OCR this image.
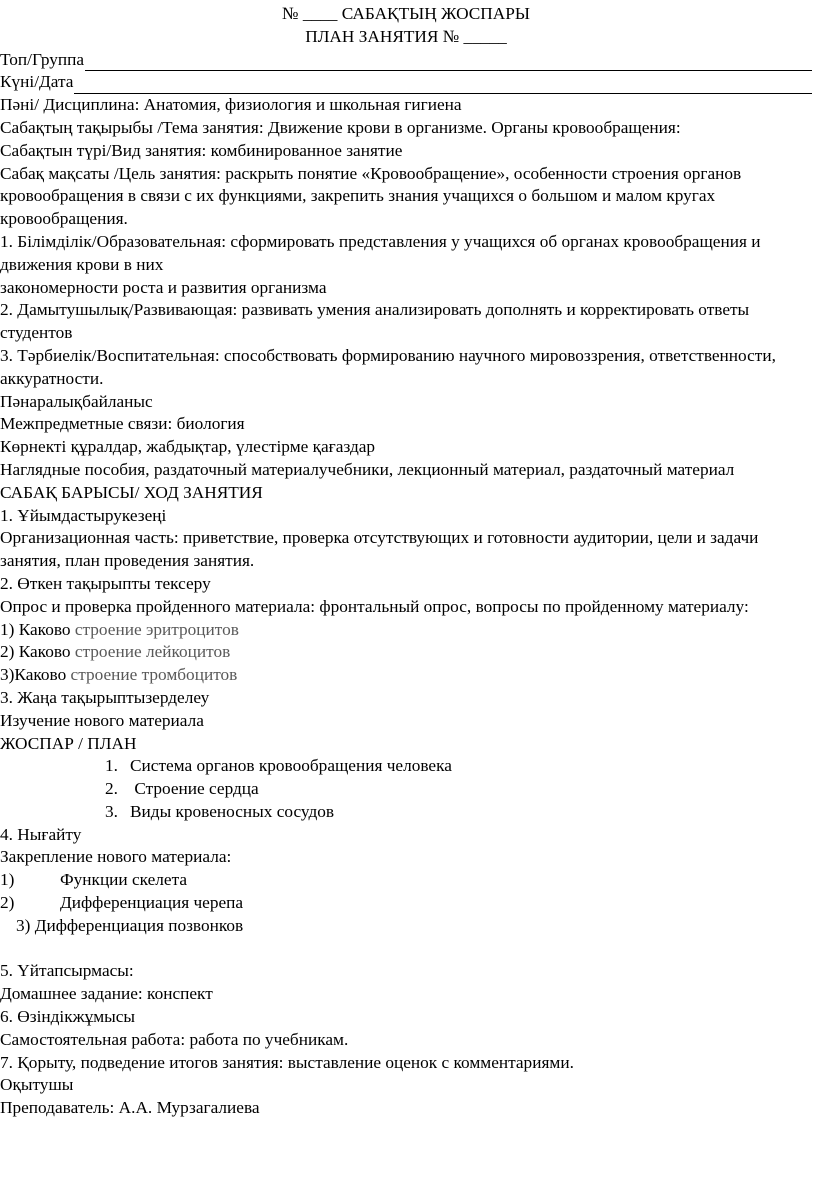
№ ____ САБАҚТЫҢ ЖОСПАРЫ
ПЛАН ЗАНЯТИЯ № _____
Топ/Группа
Күні/Дата
Пәні/ Дисциплина: Анатомия, физиология и школьная гигиена
Сабақтың тақырыбы /Тема занятия: Движение крови в организме. Органы кровообращения:
Сабақтын түрі/Вид занятия: комбинированное занятие
Сабақ мақсаты /Цель занятия: раскрыть понятие «Кровообращение», особенности строения органов кровообращения в связи с их функциями, закрепить знания учащихся о большом и малом кругах кровообращения.
1. Білімділік/Образовательная: сформировать представления у учащихся об органах кровообращения и движения крови в них
закономерности роста и развития организма
2. Дамытушылық/Развивающая: развивать умения анализировать дополнять и корректировать ответы студентов
3. Тәрбиелік/Воспитательная: способствовать формированию научного мировоззрения, ответственности, аккуратности.
Пәнаралықбайланыс
Межпредметные связи: биология
Көрнекті құралдар, жабдықтар, үлестірме қағаздар
Наглядные пособия, раздаточный материалучебники, лекционный материал, раздаточный материал
САБАҚ БАРЫСЫ/ ХОД ЗАНЯТИЯ
1. Ұйымдастырукезеңі
Организационная часть: приветствие, проверка отсутствующих и готовности аудитории, цели и задачи занятия, план проведения занятия.
2. Өткен тақырыпты тексеру
Опрос и проверка пройденного материала: фронтальный опрос, вопросы по пройденному материалу:
1) Каково строение эритроцитов
2) Каково строение лейкоцитов
3)Каково строение тромбоцитов
3. Жаңа тақырыптызерделеу
Изучение нового материала
ЖОСПАР / ПЛАН
1. Система органов кровообращения человека
2. Строение сердца
3. Виды кровеносных сосудов
4. Нығайту
Закрепление нового материала:
1)	Функции скелета
2)	Дифференциация черепа
3) Дифференциация позвонков
5. Үйтапсырмасы:
Домашнее задание: конспект
6. Өзіндікжұмысы
Самостоятельная работа: работа по учебникам.
7. Қорыту, подведение итогов занятия: выставление оценок с комментариями.
Оқытушы
Преподаватель: А.А. Мурзагалиева
